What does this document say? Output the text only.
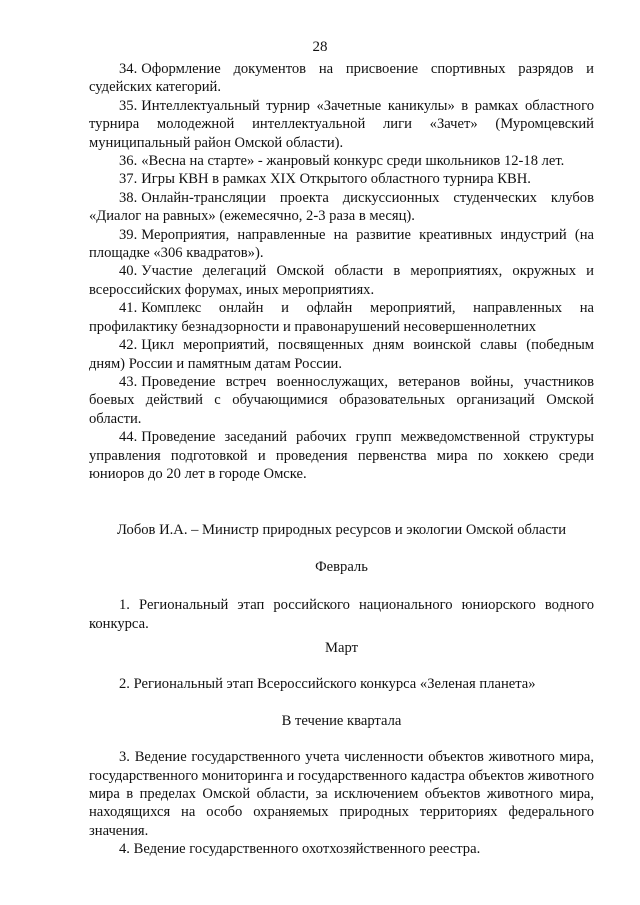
28

34. Оформление документов на присвоение спортивных разрядов и судейских категорий.

35. Интеллектуальный турнир «Зачетные каникулы» в рамках областного турнира молодежной интеллектуальной лиги «Зачет» (Муромцевский муниципальный район Омской области).

36. «Весна на старте» - жанровый конкурс среди школьников 12-18 лет.

37. Игры КВН в рамках XIX Открытого областного турнира КВН.

38. Онлайн-трансляции проекта дискуссионных студенческих клубов «Диалог на равных» (ежемесячно, 2-3 раза в месяц).

39. Мероприятия, направленные на развитие креативных индустрий (на площадке «306 квадратов»).

40. Участие делегаций Омской области в мероприятиях, окружных и всероссийских форумах, иных мероприятиях.

41. Комплекс онлайн и офлайн мероприятий, направленных на профилактику безнадзорности и правонарушений несовершеннолетних

42. Цикл мероприятий, посвященных дням воинской славы (победным дням) России и памятным датам России.

43. Проведение встреч военнослужащих, ветеранов войны, участников боевых действий с обучающимися образовательных организаций Омской области.

44. Проведение заседаний рабочих групп межведомственной структуры управления подготовкой и проведения первенства мира по хоккею среди юниоров до 20 лет в городе Омске.

Лобов И.А. – Министр природных ресурсов и экологии Омской области

Февраль

1. Региональный этап российского национального юниорского водного конкурса.

Март

2. Региональный этап Всероссийского конкурса «Зеленая планета»

В течение квартала

3. Ведение государственного учета численности объектов животного мира, государственного мониторинга и государственного кадастра объектов животного мира в пределах Омской области, за исключением объектов животного мира, находящихся на особо охраняемых природных территориях федерального значения.

4. Ведение государственного охотхозяйственного реестра.
